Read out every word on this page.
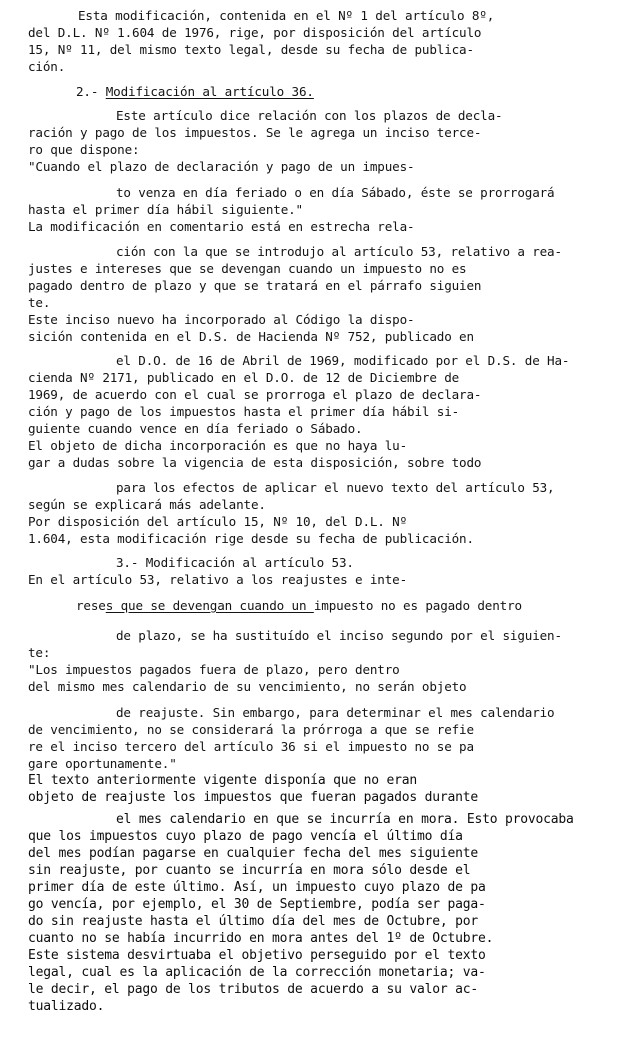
Esta modificación, contenida en el Nº 1 del artículo 8º,
del D.L. Nº 1.604 de 1976, rige, por disposición del artículo
15, Nº 11, del mismo texto legal, desde su fecha de publica-
ción.
2.- Modificación al artículo 36.
Este artículo dice relación con los plazos de decla-
ración y pago de los impuestos. Se le agrega un inciso terce-
ro que dispone:
"Cuando el plazo de declaración y pago de un impues-
to venza en día feriado o en día Sábado, éste se prorrogará
hasta el primer día hábil siguiente."
La modificación en comentario está en estrecha rela-
ción con la que se introdujo al artículo 53, relativo a rea-
justes e intereses que se devengan cuando un impuesto no es
pagado dentro de plazo y que se tratará en el párrafo siguien
te.
Este inciso nuevo ha incorporado al Código la dispo-
sición contenida en el D.S. de Hacienda Nº 752, publicado en
el D.O. de 16 de Abril de 1969, modificado por el D.S. de Ha-
cienda Nº 2171, publicado en el D.O. de 12 de Diciembre de
1969, de acuerdo con el cual se prorroga el plazo de declara-
ción y pago de los impuestos hasta el primer día hábil si-
guiente cuando vence en día feriado o Sábado.
El objeto de dicha incorporación es que no haya lu-
gar a dudas sobre la vigencia de esta disposición, sobre todo
para los efectos de aplicar el nuevo texto del artículo 53,
según se explicará más adelante.
Por disposición del artículo 15, Nº 10, del D.L. Nº
1.604, esta modificación rige desde su fecha de publicación.
3.- Modificación al artículo 53.
En el artículo 53, relativo a los reajustes e inte-
reses que se devengan cuando un impuesto no es pagado dentro
de plazo, se ha sustituído el inciso segundo por el siguien-
te:
"Los impuestos pagados fuera de plazo, pero dentro
del mismo mes calendario de su vencimiento, no serán objeto
de reajuste. Sin embargo, para determinar el mes calendario
de vencimiento, no se considerará la prórroga a que se refie
re el inciso tercero del artículo 36 si el impuesto no se pa
gare oportunamente."
El texto anteriormente vigente disponía que no eran
objeto de reajuste los impuestos que fueran pagados durante
el mes calendario en que se incurría en mora. Esto provocaba
que los impuestos cuyo plazo de pago vencía el último día
del mes podían pagarse en cualquier fecha del mes siguiente
sin reajuste, por cuanto se incurría en mora sólo desde el
primer día de este último. Así, un impuesto cuyo plazo de pa
go vencía, por ejemplo, el 30 de Septiembre, podía ser paga-
do sin reajuste hasta el último día del mes de Octubre, por
cuanto no se había incurrido en mora antes del 1º de Octubre.
Este sistema desvirtuaba el objetivo perseguido por el texto
legal, cual es la aplicación de la corrección monetaria; va-
le decir, el pago de los tributos de acuerdo a su valor ac-
tualizado.
